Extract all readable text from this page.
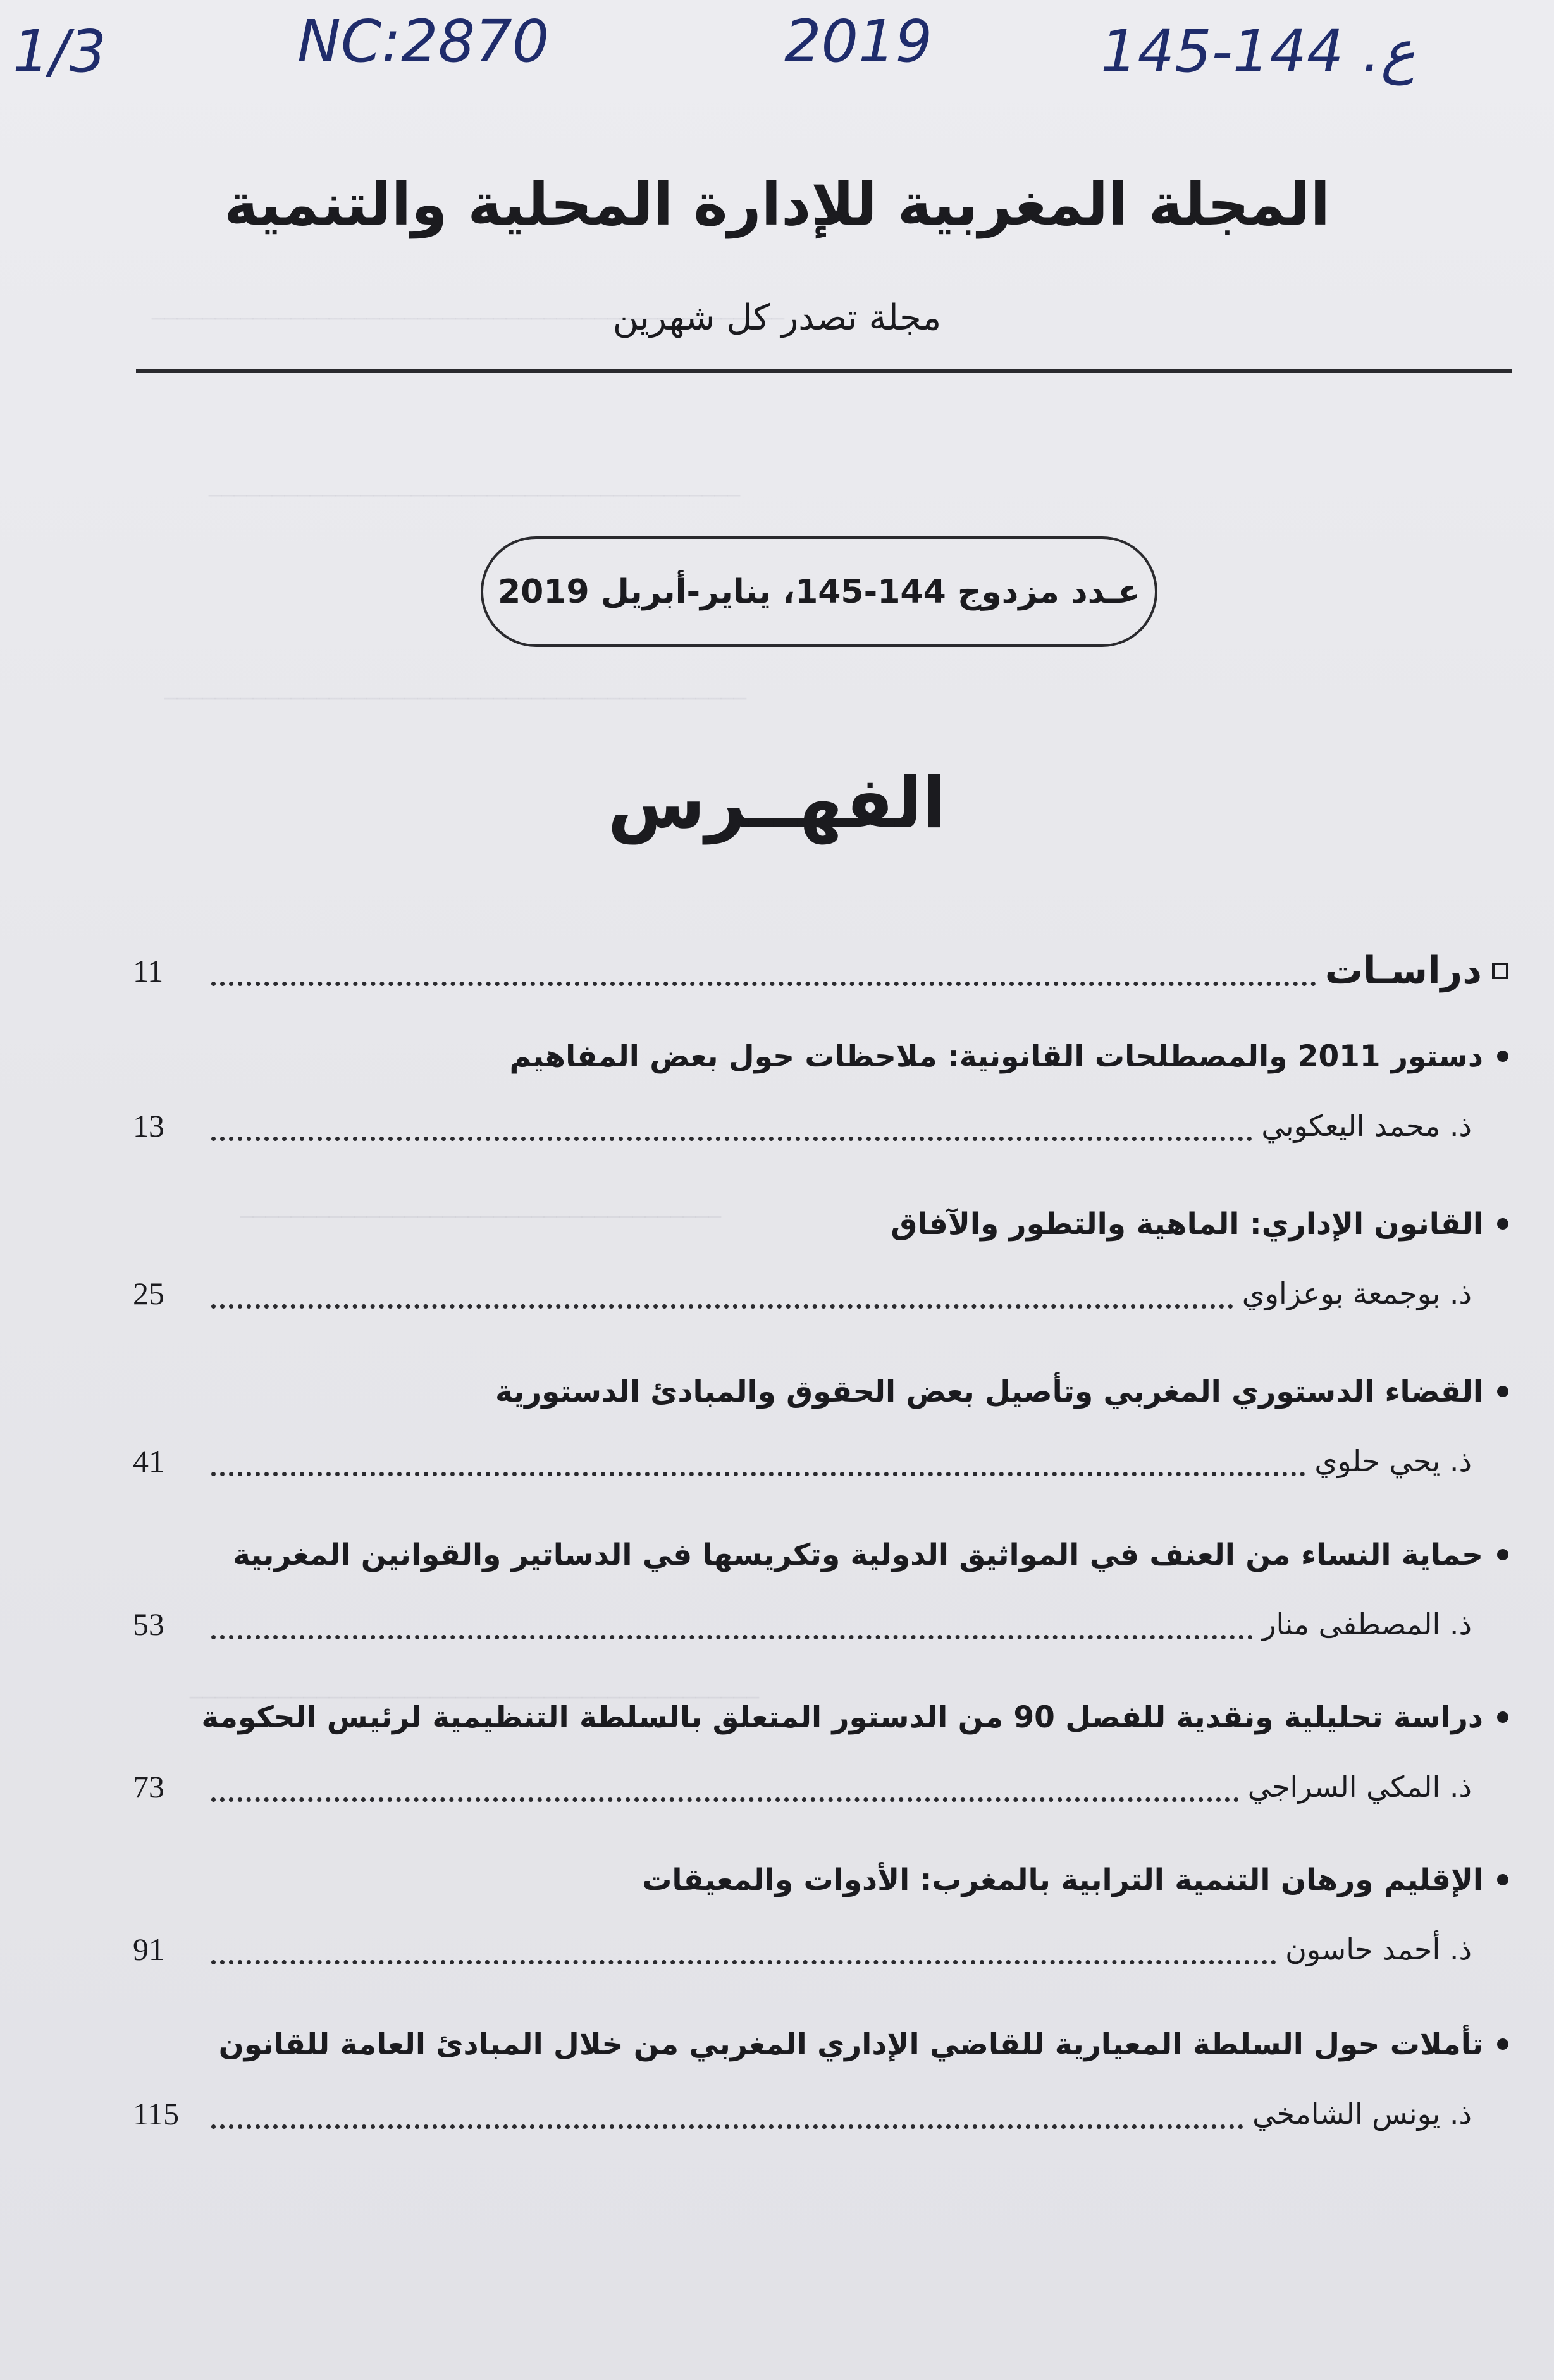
__________________________________________________
__________________________________________
______________________________________________
______________________________________
_____________________________________________
1/3	NC:2870	2019	145-144 .ع
المجلة المغربية للإدارة المحلية والتنمية
مجلة تصدر كل شهرين
عـدد مزدوج 144-145، يناير-أبريل 2019
الفهــرس
دراسـات
11
دستور 2011 والمصطلحات القانونية: ملاحظات حول بعض المفاهيم
ذ. محمد اليعكوبي
13
القانون الإداري: الماهية والتطور والآفاق
ذ. بوجمعة بوعزاوي
25
القضاء الدستوري المغربي وتأصيل بعض الحقوق والمبادئ الدستورية
ذ. يحي حلوي
41
حماية النساء من العنف في المواثيق الدولية وتكريسها في الدساتير والقوانين المغربية
ذ. المصطفى منار
53
دراسة تحليلية ونقدية للفصل 90 من الدستور المتعلق بالسلطة التنظيمية لرئيس الحكومة
ذ. المكي السراجي
73
الإقليم ورهان التنمية الترابية بالمغرب: الأدوات والمعيقات
ذ. أحمد حاسون
91
تأملات حول السلطة المعيارية للقاضي الإداري المغربي من خلال المبادئ العامة للقانون
ذ. يونس الشامخي
115
